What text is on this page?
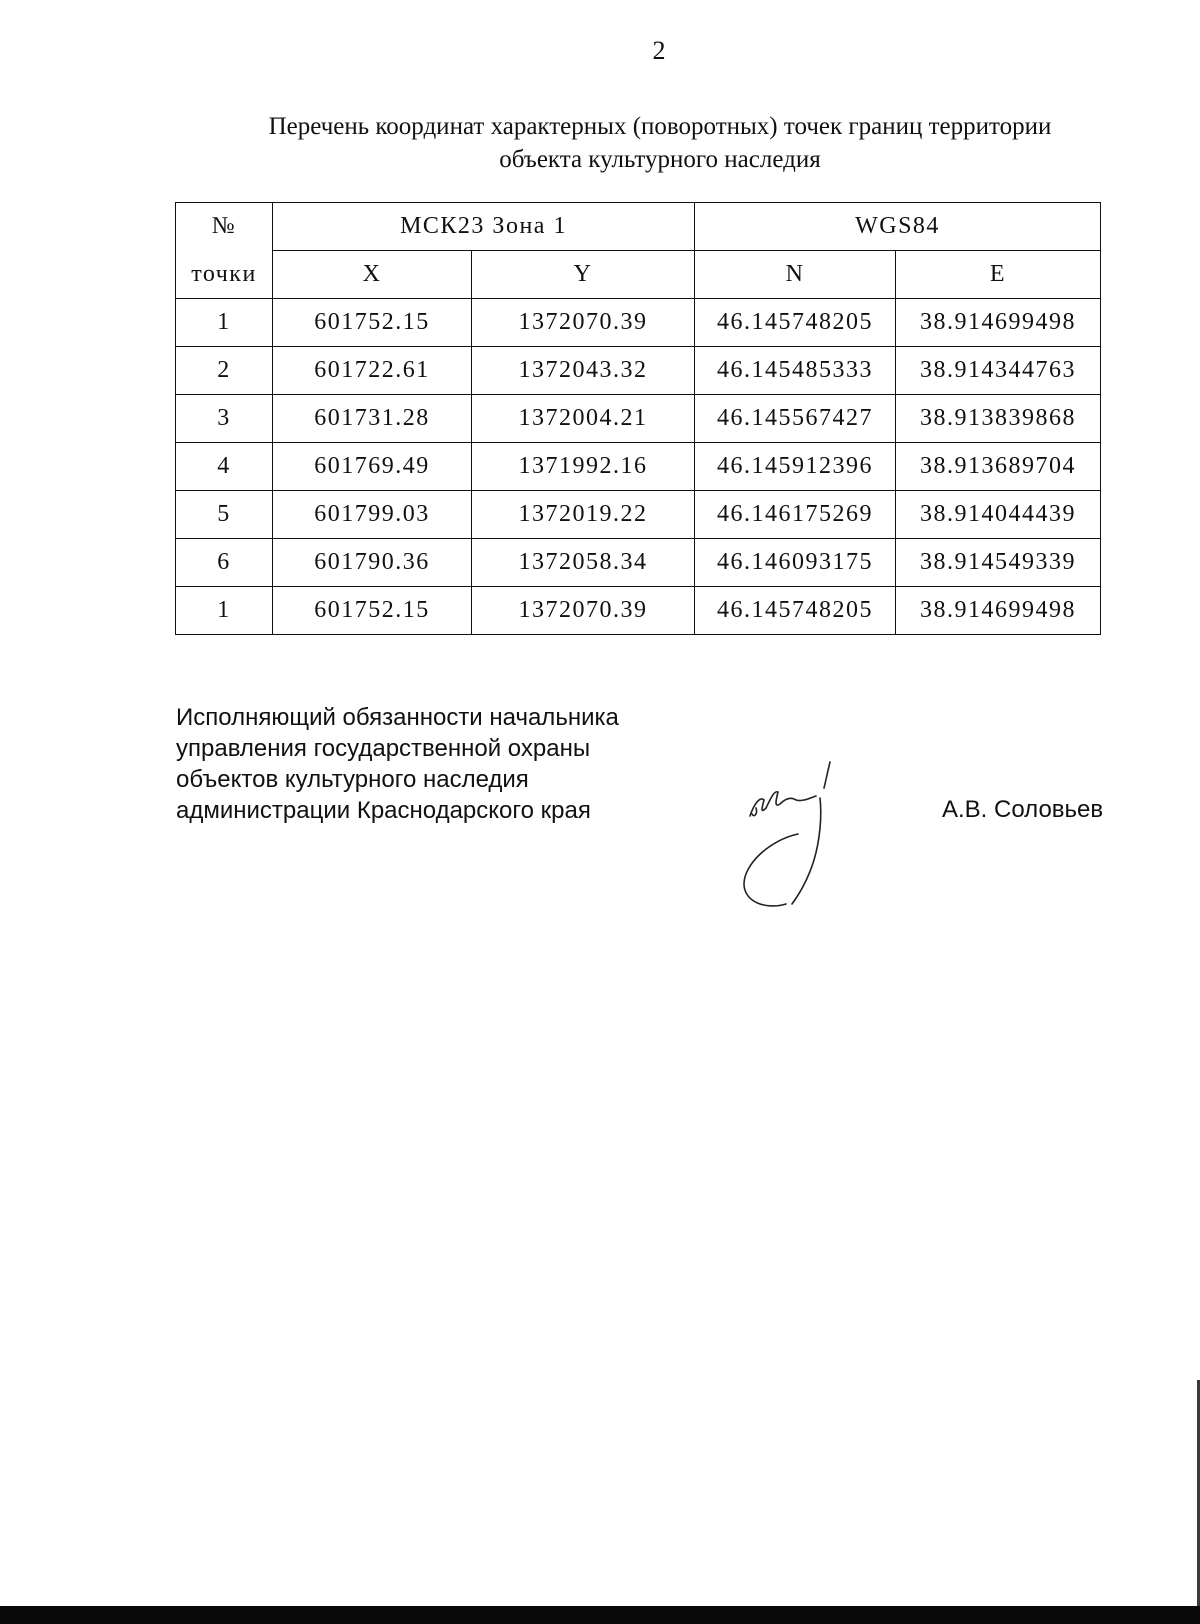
2
Перечень координат характерных (поворотных) точек границ территории
объекта культурного наследия
№	МСК23 Зона 1		WGS84	
точки	X	Y	N	E
1	601752.15	1372070.39	46.145748205	38.914699498
2	601722.61	1372043.32	46.145485333	38.914344763
3	601731.28	1372004.21	46.145567427	38.913839868
4	601769.49	1371992.16	46.145912396	38.913689704
5	601799.03	1372019.22	46.146175269	38.914044439
6	601790.36	1372058.34	46.146093175	38.914549339
1	601752.15	1372070.39	46.145748205	38.914699498
Исполняющий обязанности начальника
управления государственной охраны
объектов культурного наследия
администрации Краснодарского края	А.В. Соловьев
